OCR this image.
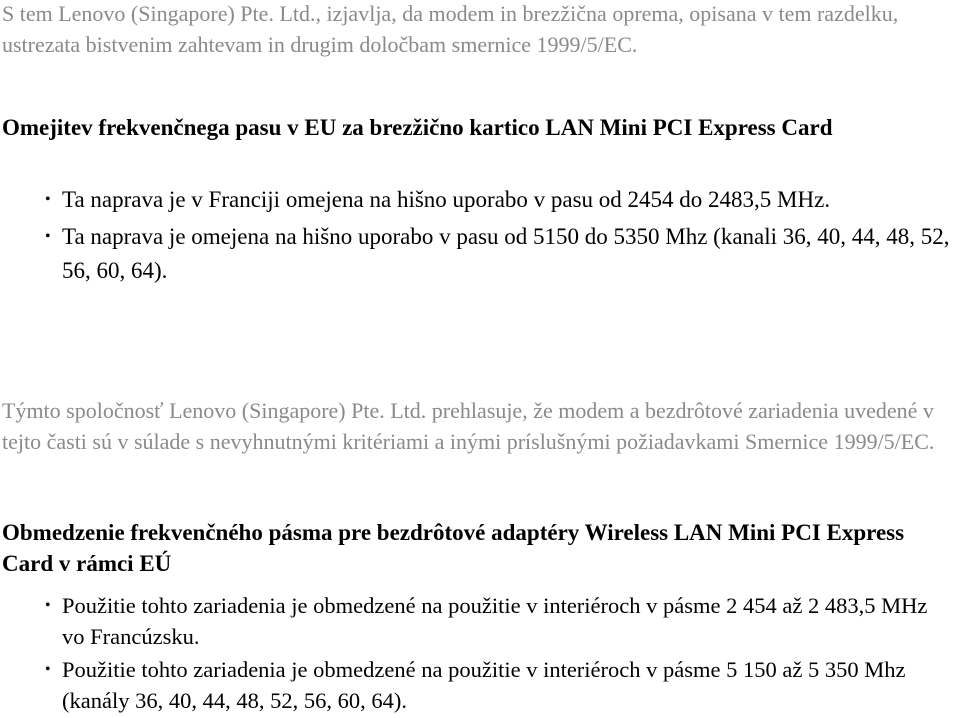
S tem Lenovo (Singapore) Pte. Ltd., izjavlja, da modem in brezžična oprema, opisana v tem razdelku, ustrezata bistvenim zahtevam in drugim določbam smernice 1999/5/EC.

Omejitev frekvenčnega pasu v EU za brezžično kartico LAN Mini PCI Express Card

• Ta naprava je v Franciji omejena na hišno uporabo v pasu od 2454 do 2483,5 MHz.
• Ta naprava je omejena na hišno uporabo v pasu od 5150 do 5350 Mhz (kanali 36, 40, 44, 48, 52, 56, 60, 64).

Týmto spoločnosť Lenovo (Singapore) Pte. Ltd. prehlasuje, že modem a bezdrôtové zariadenia uvedené v tejto časti sú v súlade s nevyhnutnými kritériami a inými príslušnými požiadavkami Smernice 1999/5/EC.

Obmedzenie frekvenčného pásma pre bezdrôtové adaptéry Wireless LAN Mini PCI Express Card v rámci EÚ

• Použitie tohto zariadenia je obmedzené na použitie v interiéroch v pásme 2 454 až 2 483,5 MHz vo Francúzsku.
• Použitie tohto zariadenia je obmedzené na použitie v interiéroch v pásme 5 150 až 5 350 Mhz (kanály 36, 40, 44, 48, 52, 56, 60, 64).
